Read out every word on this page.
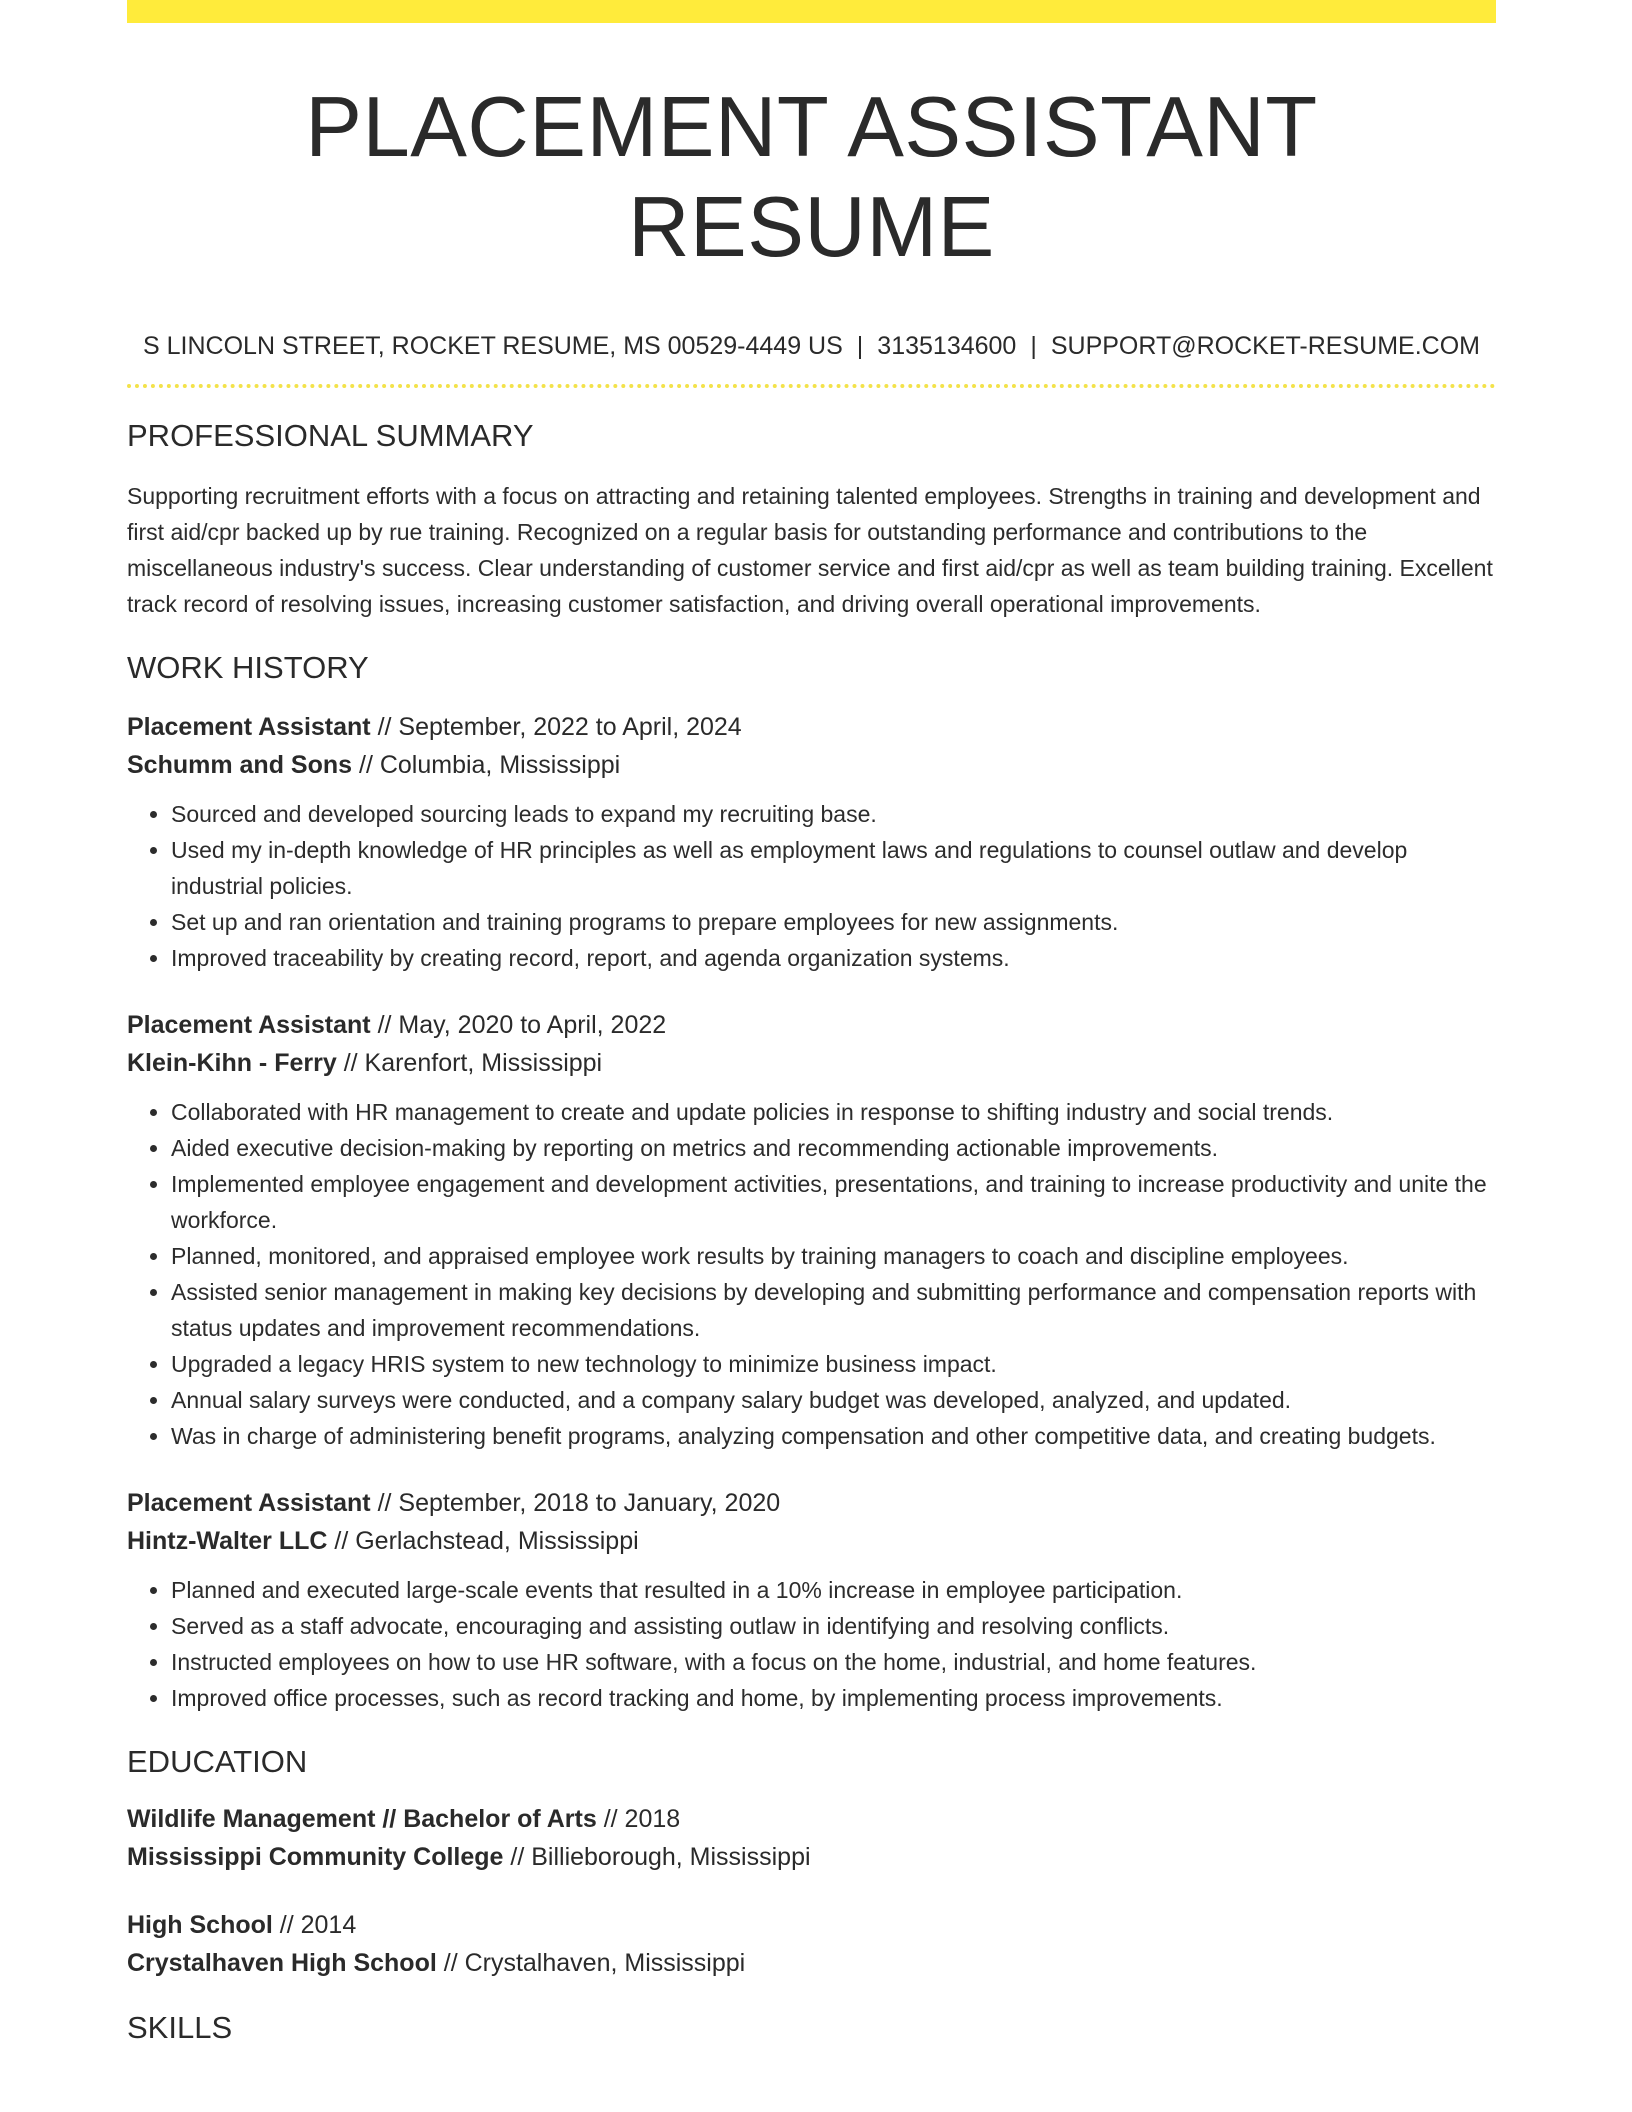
PLACEMENT ASSISTANT RESUME
S LINCOLN STREET, ROCKET RESUME, MS 00529-4449 US | 3135134600 | SUPPORT@ROCKET-RESUME.COM
PROFESSIONAL SUMMARY

Supporting recruitment efforts with a focus on attracting and retaining talented employees. Strengths in training and development and first aid/cpr backed up by rue training. Recognized on a regular basis for outstanding performance and contributions to the miscellaneous industry's success. Clear understanding of customer service and first aid/cpr as well as team building training. Excellent track record of resolving issues, increasing customer satisfaction, and driving overall operational improvements.

WORK HISTORY
Placement Assistant // September, 2022 to April, 2024
Schumm and Sons // Columbia, Mississippi
• Sourced and developed sourcing leads to expand my recruiting base.
• Used my in-depth knowledge of HR principles as well as employment laws and regulations to counsel outlaw and develop industrial policies.
• Set up and ran orientation and training programs to prepare employees for new assignments.
• Improved traceability by creating record, report, and agenda organization systems.
Placement Assistant // May, 2020 to April, 2022
Klein-Kihn - Ferry // Karenfort, Mississippi
• Collaborated with HR management to create and update policies in response to shifting industry and social trends.
• Aided executive decision-making by reporting on metrics and recommending actionable improvements.
• Implemented employee engagement and development activities, presentations, and training to increase productivity and unite the workforce.
• Planned, monitored, and appraised employee work results by training managers to coach and discipline employees.
• Assisted senior management in making key decisions by developing and submitting performance and compensation reports with status updates and improvement recommendations.
• Upgraded a legacy HRIS system to new technology to minimize business impact.
• Annual salary surveys were conducted, and a company salary budget was developed, analyzed, and updated.
• Was in charge of administering benefit programs, analyzing compensation and other competitive data, and creating budgets.
Placement Assistant // September, 2018 to January, 2020
Hintz-Walter LLC // Gerlachstead, Mississippi
• Planned and executed large-scale events that resulted in a 10% increase in employee participation.
• Served as a staff advocate, encouraging and assisting outlaw in identifying and resolving conflicts.
• Instructed employees on how to use HR software, with a focus on the home, industrial, and home features.
• Improved office processes, such as record tracking and home, by implementing process improvements.
EDUCATION
Wildlife Management // Bachelor of Arts // 2018
Mississippi Community College // Billieborough, Mississippi
High School // 2014
Crystalhaven High School // Crystalhaven, Mississippi
SKILLS
